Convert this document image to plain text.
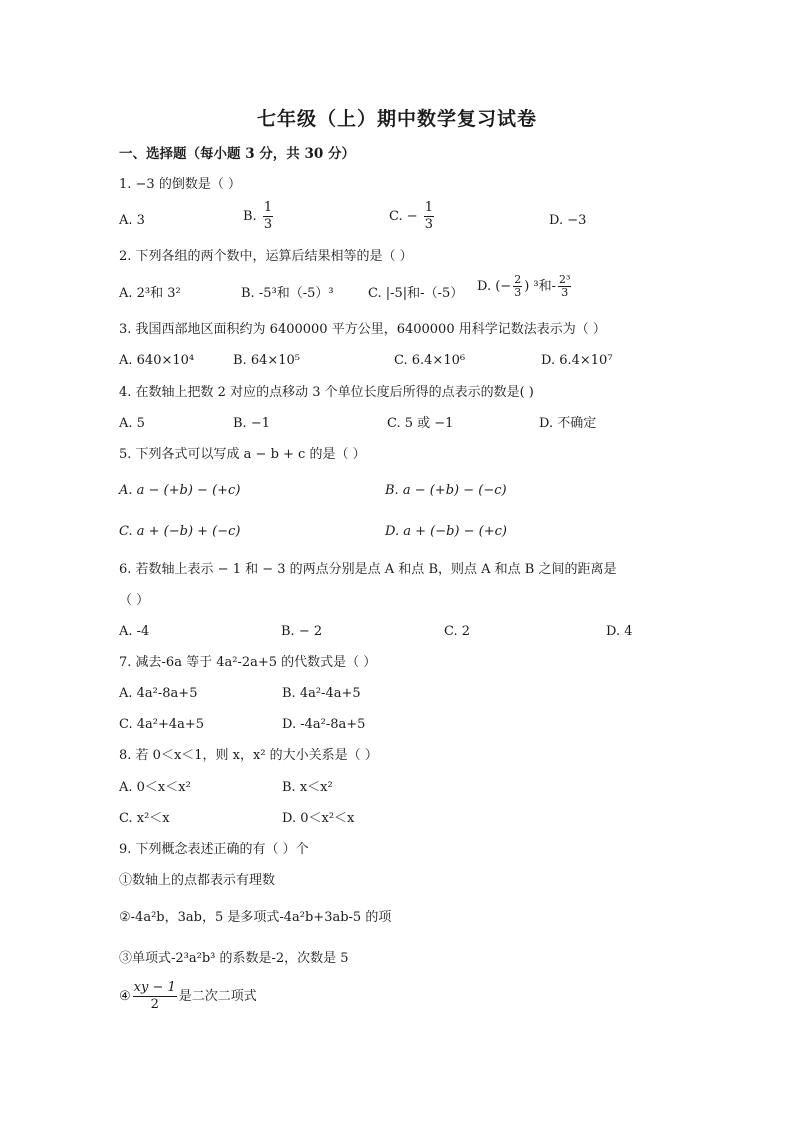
七年级（上）期中数学复习试卷
一、选择题（每小题 3 分，共 30 分）
1. −3 的倒数是（ ）
A. 3	B. $\frac{1}{3}$	C. − $\frac{1}{3}$	D. −3
2. 下列各组的两个数中，运算后结果相等的是（ ）
A. 2³和 3²	B. -5³和（-5）³	C. |-5|和-（-5） D. (− $\frac{2}{3}$ ) ³和- $\frac{\text{2³}}{3}$
3. 我国西部地区面积约为 6400000 平方公里，6400000 用科学记数法表示为（ ）
A. 640×10⁴	B. 64×10⁵	C. 6.4×10⁶	D. 6.4×10⁷
4. 在数轴上把数 2 对应的点移动 3 个单位长度后所得的点表示的数是( )
A. 5	B. −1	C. 5 或 −1	D. 不确定
5. 下列各式可以写成 a − b + c 的是（ ）
A. a − (+b) − (+c)	B. a − (+b) − (−c)
C. a + (−b) + (−c)	D. a + (−b) − (+c)
6. 若数轴上表示 − 1 和 − 3 的两点分别是点 A 和点 B，则点 A 和点 B 之间的距离是
（ ）
A. -4	B. − 2	C. 2	D. 4
7. 减去-6a 等于 4a²-2a+5 的代数式是（ ）
A. 4a²-8a+5	B. 4a²-4a+5
C. 4a²+4a+5	D. -4a²-8a+5
8. 若 0＜x＜1，则 x，x² 的大小关系是（ ）
A. 0＜x＜x²	B. x＜x²
C. x²＜x	D. 0＜x²＜x
9. 下列概念表述正确的有（ ）个
①数轴上的点都表示有理数
②-4a²b，3ab，5 是多项式-4a²b+3ab-5 的项
③单项式-2³a²b³ 的系数是-2，次数是 5
④ $\frac{xy - 1}{2}$ 是二次二项式
